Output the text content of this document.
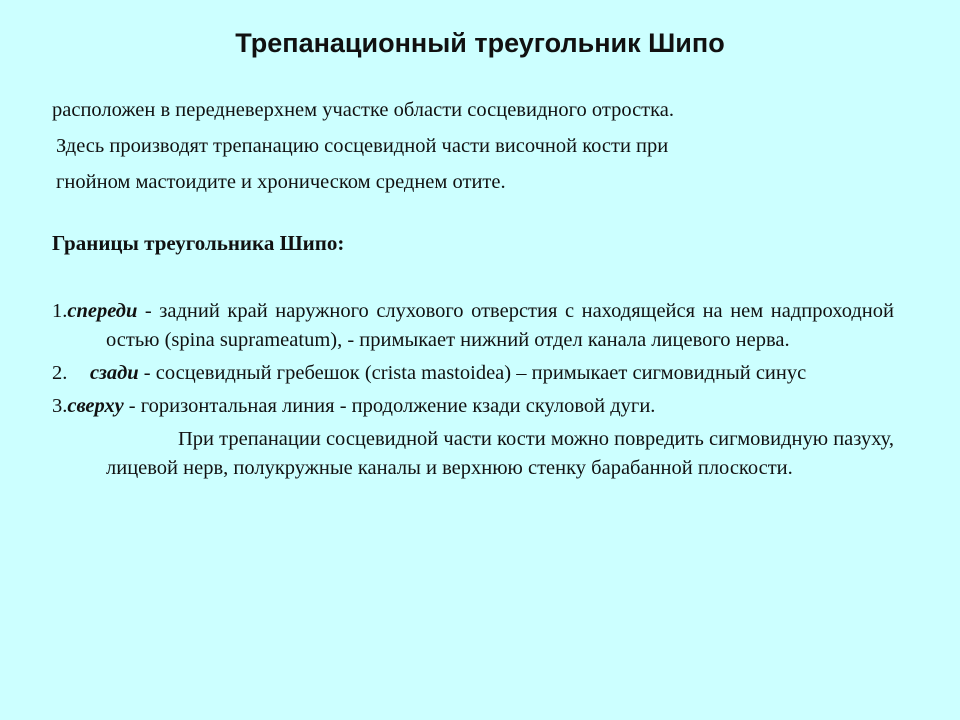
Трепанационный треугольник Шипо
расположен в передневерхнем участке области сосцевидного отростка.
Здесь производят трепанацию сосцевидной части височной кости при
гнойном мастоидите и хроническом среднем отите.
Границы треугольника Шипо:
1.спереди - задний край наружного слухового отверстия с находящейся на нем надпроходной остью (spina suprameatum), - примыкает нижний отдел канала лицевого нерва.
2.сзади - сосцевидный гребешок (crista mastoidea) – примыкает сигмовидный синус
3.сверху - горизонтальная линия - продолжение кзади скуловой дуги.
При трепанации сосцевидной части кости можно повредить сигмовидную пазуху, лицевой нерв, полукружные каналы и верхнюю стенку барабанной плоскости.
